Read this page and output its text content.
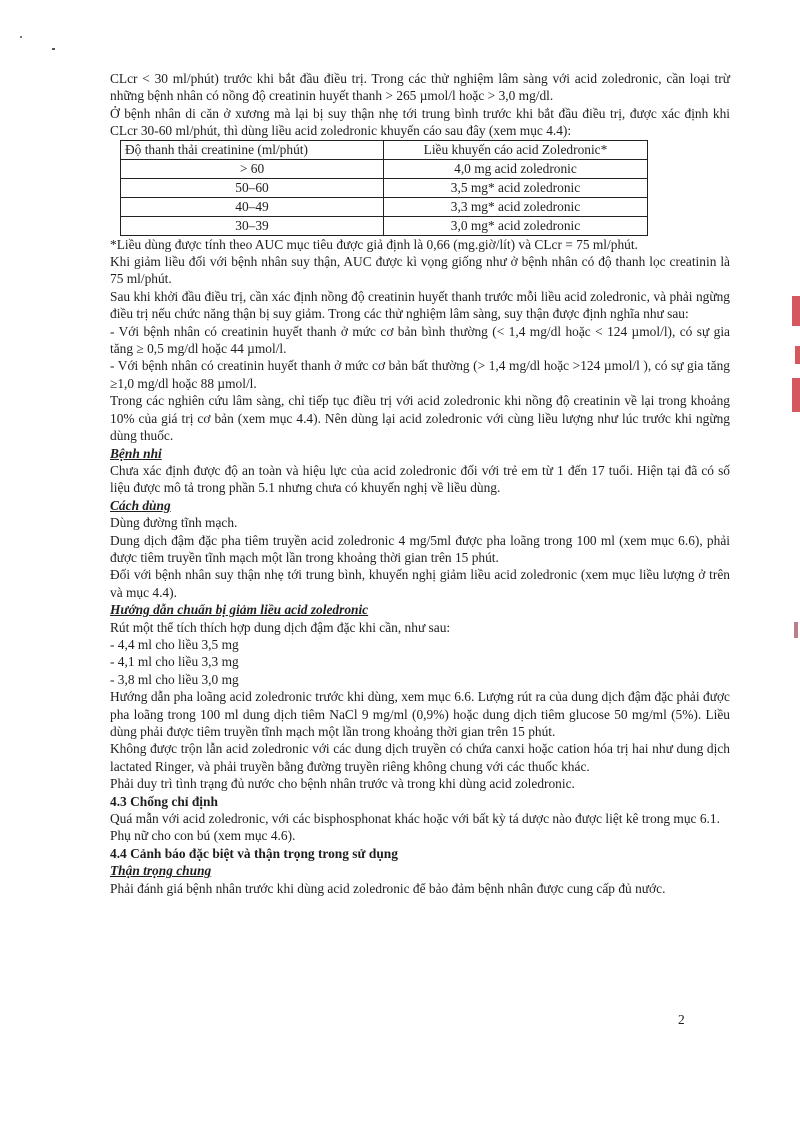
CLcr < 30 ml/phút) trước khi bắt đầu điều trị. Trong các thử nghiệm lâm sàng với acid zoledronic, cần loại trừ những bệnh nhân có nồng độ creatinin huyết thanh > 265 µmol/l hoặc > 3,0 mg/dl.

Ở bệnh nhân di căn ở xương mà lại bị suy thận nhẹ tới trung bình trước khi bắt đầu điều trị, được xác định khi CLcr 30-60 ml/phút, thì dùng liều acid zoledronic khuyến cáo sau đây (xem mục 4.4):

Độ thanh thải creatinine (ml/phút)	Liều khuyến cáo acid Zoledronic*
> 60	4,0 mg acid zoledronic
50–60	3,5 mg* acid zoledronic
40–49	3,3 mg* acid zoledronic
30–39	3,0 mg* acid zoledronic

*Liều dùng được tính theo AUC mục tiêu được giả định là 0,66 (mg.giờ/lít) và CLcr = 75 ml/phút.

Khi giảm liều đối với bệnh nhân suy thận, AUC được kì vọng giống như ở bệnh nhân có độ thanh lọc creatinin là 75 ml/phút.

Sau khi khởi đầu điều trị, cần xác định nồng độ creatinin huyết thanh trước mỗi liều acid zoledronic, và phải ngừng điều trị nếu chức năng thận bị suy giảm. Trong các thử nghiệm lâm sàng, suy thận được định nghĩa như sau:

- Với bệnh nhân có creatinin huyết thanh ở mức cơ bản bình thường (< 1,4 mg/dl hoặc < 124 µmol/l), có sự gia tăng ≥ 0,5 mg/dl hoặc 44 µmol/l.

- Với bệnh nhân có creatinin huyết thanh ở mức cơ bản bất thường (> 1,4 mg/dl hoặc >124 µmol/l ), có sự gia tăng ≥1,0 mg/dl hoặc 88 µmol/l.

Trong các nghiên cứu lâm sàng, chỉ tiếp tục điều trị với acid zoledronic khi nồng độ creatinin về lại trong khoảng 10% của giá trị cơ bản (xem mục 4.4). Nên dùng lại acid zoledronic với cùng liều lượng như lúc trước khi ngừng dùng thuốc.

Bệnh nhi

Chưa xác định được độ an toàn và hiệu lực của acid zoledronic đối với trẻ em từ 1 đến 17 tuổi. Hiện tại đã có số liệu được mô tả trong phần 5.1 nhưng chưa có khuyến nghị về liều dùng.

Cách dùng

Dùng đường tĩnh mạch.

Dung dịch đậm đặc pha tiêm truyền acid zoledronic 4 mg/5ml được pha loãng trong 100 ml (xem mục 6.6), phải được tiêm truyền tĩnh mạch một lần trong khoảng thời gian trên 15 phút.

Đối với bệnh nhân suy thận nhẹ tới trung bình, khuyến nghị giảm liều acid zoledronic (xem mục liều lượng ở trên và mục 4.4).

Hướng dẫn chuẩn bị giảm liều acid zoledronic

Rút một thể tích thích hợp dung dịch đậm đặc khi cần, như sau:

- 4,4 ml cho liều 3,5 mg

- 4,1 ml cho liều 3,3 mg

- 3,8 ml cho liều 3,0 mg

Hướng dẫn pha loãng acid zoledronic trước khi dùng, xem mục 6.6. Lượng rút ra của dung dịch đậm đặc phải được pha loãng trong 100 ml dung dịch tiêm NaCl 9 mg/ml (0,9%) hoặc dung dịch tiêm glucose 50 mg/ml (5%). Liều dùng phải được tiêm truyền tĩnh mạch một lần trong khoảng thời gian trên 15 phút.

Không được trộn lẫn acid zoledronic với các dung dịch truyền có chứa canxi hoặc cation hóa trị hai như dung dịch lactated Ringer, và phải truyền bằng đường truyền riêng không chung với các thuốc khác.

Phải duy trì tình trạng đủ nước cho bệnh nhân trước và trong khi dùng acid zoledronic.

4.3 Chống chỉ định

Quá mẫn với acid zoledronic, với các bisphosphonat khác hoặc với bất kỳ tá dược nào được liệt kê trong mục 6.1.

Phụ nữ cho con bú (xem mục 4.6).

4.4 Cảnh báo đặc biệt và thận trọng trong sử dụng

Thận trọng chung

Phải đánh giá bệnh nhân trước khi dùng acid zoledronic để bảo đảm bệnh nhân được cung cấp đủ nước.

2
